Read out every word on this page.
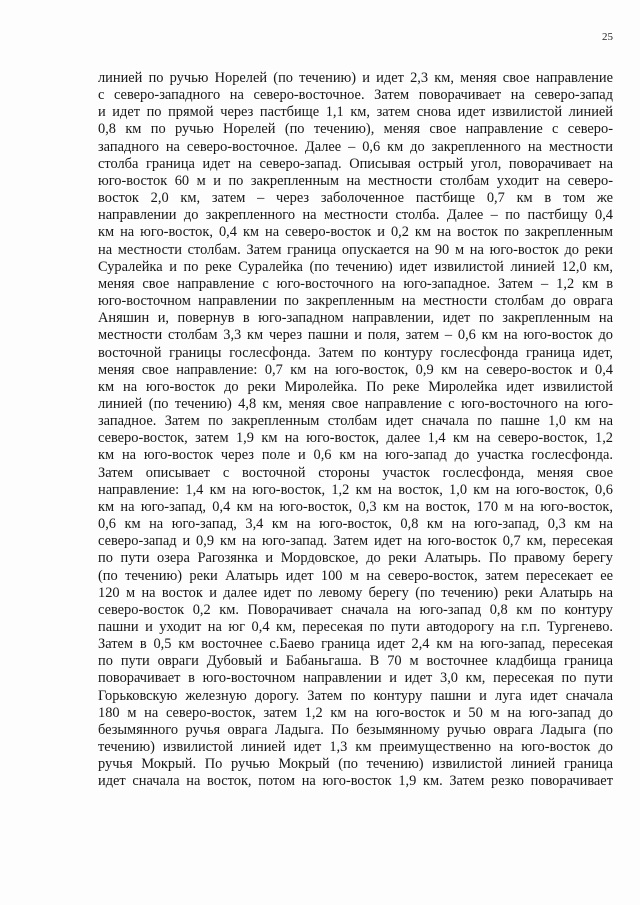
25
линией по ручью Норелей (по течению) и идет 2,3 км, меняя свое направление
с северо-западного на северо-восточное. Затем поворачивает на северо-запад
и идет по прямой через пастбище 1,1 км, затем снова идет извилистой линией
0,8 км по ручью Норелей (по течению), меняя свое направление с северо-
западного на северо-восточное. Далее – 0,6 км до закрепленного на местности
столба граница идет на северо-запад. Описывая острый угол, поворачивает на
юго-восток 60 м и по закрепленным на местности столбам уходит на северо-
восток 2,0 км, затем – через заболоченное пастбище 0,7 км в том же
направлении до закрепленного на местности столба. Далее – по пастбищу 0,4
км на юго-восток, 0,4 км на северо-восток и 0,2 км на восток по закрепленным
на местности столбам. Затем граница опускается на 90 м на юго-восток до реки
Суралейка и по реке Суралейка (по течению) идет извилистой линией 12,0 км,
меняя свое направление с юго-восточного на юго-западное. Затем – 1,2 км в
юго-восточном направлении по закрепленным на местности столбам до оврага
Аняшин и, повернув в юго-западном направлении, идет по закрепленным на
местности столбам 3,3 км через пашни и поля, затем – 0,6 км на юго-восток до
восточной границы гослесфонда. Затем по контуру гослесфонда граница идет,
меняя свое направление: 0,7 км на юго-восток, 0,9 км на северо-восток и 0,4
км на юго-восток до реки Миролейка. По реке Миролейка идет извилистой
линией (по течению) 4,8 км, меняя свое направление с юго-восточного на юго-
западное. Затем по закрепленным столбам идет сначала по пашне 1,0 км на
северо-восток, затем 1,9 км на юго-восток, далее 1,4 км на северо-восток, 1,2
км на юго-восток через поле и 0,6 км на юго-запад до участка гослесфонда.
Затем описывает с восточной стороны участок гослесфонда, меняя свое
направление: 1,4 км на юго-восток, 1,2 км на восток, 1,0 км на юго-восток, 0,6
км на юго-запад, 0,4 км на юго-восток, 0,3 км на восток, 170 м на юго-восток,
0,6 км на юго-запад, 3,4 км на юго-восток, 0,8 км на юго-запад, 0,3 км на
северо-запад и 0,9 км на юго-запад. Затем идет на юго-восток 0,7 км, пересекая
по пути озера Рагозянка и Мордовское, до реки Алатырь. По правому берегу
(по течению) реки Алатырь идет 100 м на северо-восток, затем пересекает ее
120 м на восток и далее идет по левому берегу (по течению) реки Алатырь на
северо-восток 0,2 км. Поворачивает сначала на юго-запад 0,8 км по контуру
пашни и уходит на юг 0,4 км, пересекая по пути автодорогу на г.п. Тургенево.
Затем в 0,5 км восточнее с.Баево граница идет 2,4 км на юго-запад, пересекая
по пути овраги Дубовый и Бабаньгаша. В 70 м восточнее кладбища граница
поворачивает в юго-восточном направлении и идет 3,0 км, пересекая по пути
Горьковскую железную дорогу. Затем по контуру пашни и луга идет сначала
180 м на северо-восток, затем 1,2 км на юго-восток и 50 м на юго-запад до
безымянного ручья оврага Ладыга. По безымянному ручью оврага Ладыга (по
течению) извилистой линией идет 1,3 км преимущественно на юго-восток до
ручья Мокрый. По ручью Мокрый (по течению) извилистой линией граница
идет сначала на восток, потом на юго-восток 1,9 км. Затем резко поворачивает
